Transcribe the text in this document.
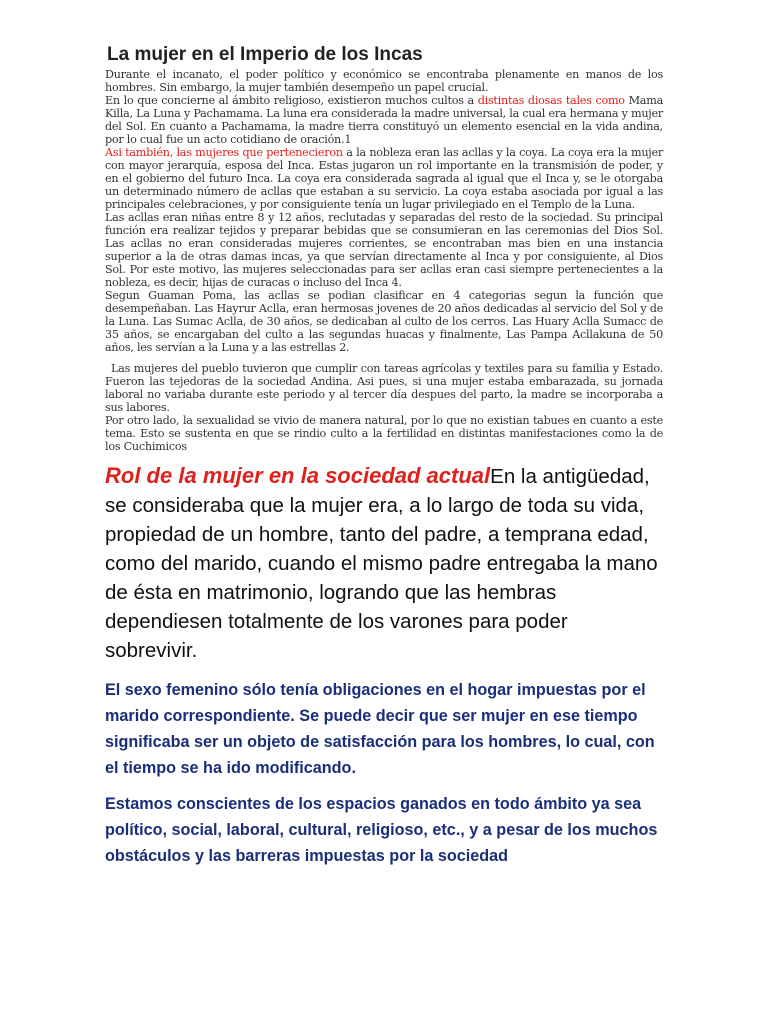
La mujer en el Imperio de los Incas

Durante el incanato, el poder político y económico se encontraba plenamente en manos de los hombres. Sin embargo, la mujer también desempeño un papel crucial.

En lo que concierne al ámbito religioso, existieron muchos cultos a distintas diosas tales como Mama Killa, La Luna y Pachamama. La luna era considerada la madre universal, la cual era hermana y mujer del Sol. En cuanto a Pachamama, la madre tierra constituyó un elemento esencial en la vida andina, por lo cual fue un acto cotidiano de oración.1

Asi también, las mujeres que pertenecieron a la nobleza eran las acllas y la coya. La coya era la mujer con mayor jerarquía, esposa del Inca. Estas jugaron un rol importante en la transmisión de poder, y en el gobierno del futuro Inca. La coya era considerada sagrada al igual que el Inca y, se le otorgaba un determinado número de acllas que estaban a su servicio. La coya estaba asociada por igual a las principales celebraciones, y por consiguiente tenía un lugar privilegiado en el Templo de la Luna.

Las acllas eran niñas entre 8 y 12 años, reclutadas y separadas del resto de la sociedad. Su principal función era realizar tejidos y preparar bebidas que se consumieran en las ceremonias del Dios Sol. Las acllas no eran consideradas mujeres corrientes, se encontraban mas bien en una instancia superior a la de otras damas incas, ya que servían directamente al Inca y por consiguiente, al Dios Sol. Por este motivo, las mujeres seleccionadas para ser acllas eran casi siempre pertenecientes a la nobleza, es decir, hijas de curacas o incluso del Inca 4.

Segun Guaman Poma, las acllas se podian clasificar en 4 categorias segun la función que desempeñaban. Las Hayrur Aclla, eran hermosas jovenes de 20 años dedicadas al servicio del Sol y de la Luna. Las Sumac Aclla, de 30 años, se dedicaban al culto de los cerros. Las Huary Aclla Sumacc de 35 años, se encargaban del culto a las segundas huacas y finalmente, Las Pampa Acllakuna de 50 años, les servían a la Luna y a las estrellas 2.

Las mujeres del pueblo tuvieron que cumplir con tareas agrícolas y textiles para su familia y Estado. Fueron las tejedoras de la sociedad Andina. Asi pues, si una mujer estaba embarazada, su jornada laboral no variaba durante este periodo y al tercer día despues del parto, la madre se incorporaba a sus labores.

Por otro lado, la sexualidad se vivio de manera natural, por lo que no existian tabues en cuanto a este tema. Esto se sustenta en que se rindio culto a la fertilidad en distintas manifestaciones como la de los Cuchimicos

Rol de la mujer en la sociedad actualEn la antigüedad, se consideraba que la mujer era, a lo largo de toda su vida, propiedad de un hombre, tanto del padre, a temprana edad, como del marido, cuando el mismo padre entregaba la mano de ésta en matrimonio, logrando que las hembras dependiesen totalmente de los varones para poder sobrevivir.

El sexo femenino sólo tenía obligaciones en el hogar impuestas por el marido correspondiente. Se puede decir que ser mujer en ese tiempo significaba ser un objeto de satisfacción para los hombres, lo cual, con el tiempo se ha ido modificando.

Estamos conscientes de los espacios ganados en todo ámbito ya sea político, social, laboral, cultural, religioso, etc., y a pesar de los muchos obstáculos y las barreras impuestas por la sociedad
